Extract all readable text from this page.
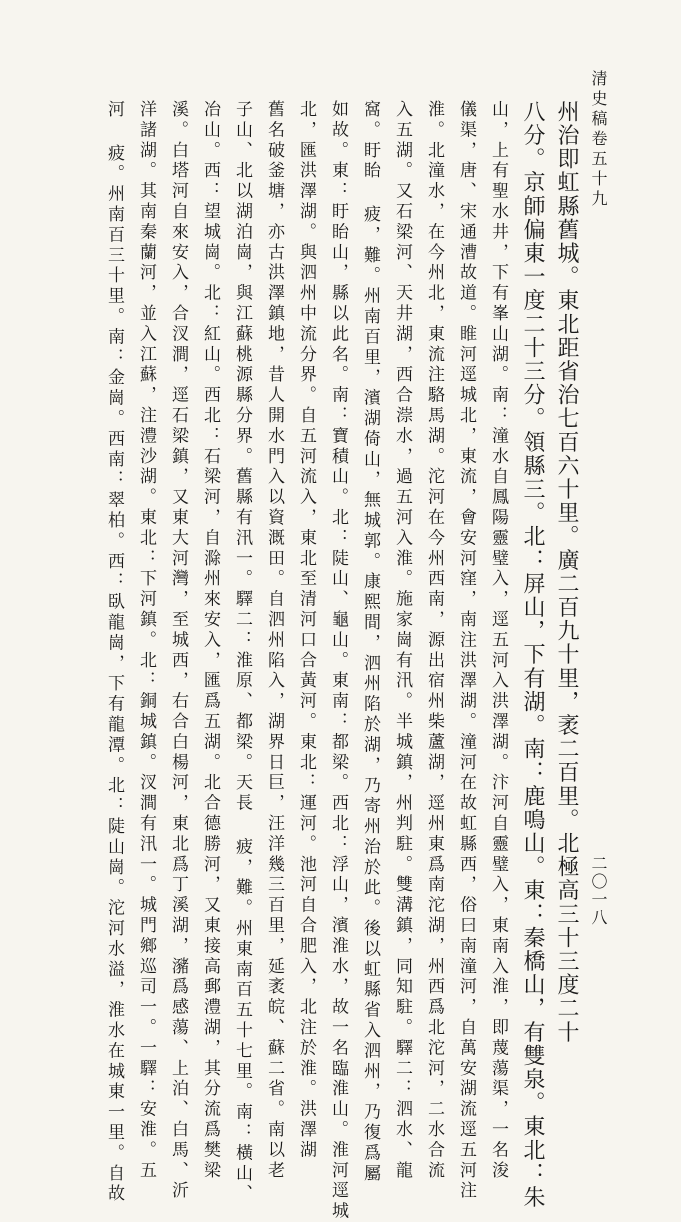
清史稿卷五十九
二〇一八
州治即虹縣舊城。東北距省治七百六十里。廣二百九十里，袤二百里。北極高三十三度二十
八分。京師偏東一度二十三分。領縣三。北：屏山，下有湖。南：鹿鳴山。東：秦橋山，有雙泉。東北：朱
山，上有聖水井，下有峯山湖。南：潼水自鳳陽靈璧入，逕五河入洪澤湖。汴河自靈璧入，東南入淮，即蔑蕩渠，一名浚
儀渠，唐、宋通漕故道。睢河逕城北，東流，會安河窪，南注洪澤湖。潼河在故虹縣西，俗曰南潼河，自萬安湖流逕五河注
淮。北潼水，在今州北，東流注駱馬湖。沱河在今州西南，源出宿州柴蘆湖，逕州東爲南沱湖，州西爲北沱河，二水合流
入五湖。又石梁河、天井湖，西合漴水，過五河入淮。施家崗有汛。半城鎮，州判駐。雙溝鎮，同知駐。驛二：泗水、龍
窩。盱眙 疲，難。州南百里，濱湖倚山，無城郭。康熙間，泗州陷於湖，乃寄州治於此。後以虹縣省入泗州，乃復爲屬
如故。東：盱眙山，縣以此名。南：寶積山。北：陡山、龜山。東南：都梁。西北：浮山，濱淮水，故一名臨淮山。淮河逕城
北，匯洪澤湖。與泗州中流分界。自五河流入，東北至清河口合黃河。東北：運河。池河自合肥入，北注於淮。洪澤湖
舊名破釜塘，亦古洪澤鎮地，昔人開水門入以資溉田。自泗州陷入，湖界日巨，汪洋幾三百里，延袤皖、蘇二省。南以老
子山、北以湖泊崗，與江蘇桃源縣分界。舊縣有汛一。驛二：淮原、都梁。天長 疲，難。州東南百五十七里。南：橫山、
冶山。西：望城崗。北：紅山。西北：石梁河，自滁州來安入，匯爲五湖。北合德勝河，又東接高郵澧湖，其分流爲樊梁
溪。白塔河自來安入，合汊澗，逕石梁鎮，又東大河灣，至城西，右合白楊河，東北爲丁溪湖，瀦爲感蕩、上泊、白馬、沂
洋諸湖。其南秦蘭河，並入江蘇，注澧沙湖。東北：下河鎮。北：銅城鎮。汊澗有汛一。城門鄉巡司一。一驛：安淮。五
河 疲。州南百三十里。南：金崗。西南：翠柏。西：臥龍崗，下有龍潭。北：陡山崗。沱河水溢，淮水在城東一里。自故
